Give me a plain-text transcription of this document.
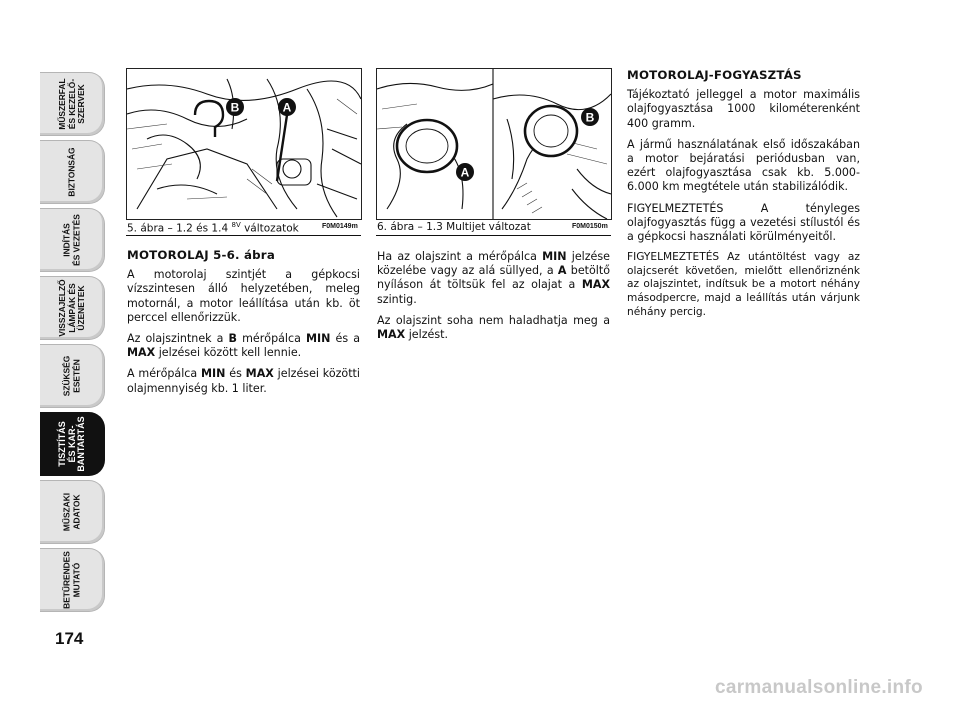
MŰSZERFAL
ÉS KEZELŐ-
SZERVEK
BIZTONSÁG
INDÍTÁS
ÉS VEZETÉS
VISSZAJELZŐ
LÁMPÁK ÉS
ÜZENETEK
SZÜKSÉG
ESETÉN
TISZTÍTÁS
ÉS KAR-
BANTARTÁS
MŰSZAKI
ADATOK
BETŰRENDES
MUTATÓ
174
B	A
5. ábra – 1.2 és 1.4 $^{8V}$ változatok	F0M0149m
A
B
6. ábra – 1.3 Multijet változat	F0M0150m
MOTOROLAJ 5-6. ábra

A motorolaj szintjét a gépkocsi vízszintesen álló helyzetében, meleg motornál, a motor leállítása után kb. öt perccel ellenőrizzük.

Az olajszintnek a B mérőpálca MIN és a MAX jelzései között kell lennie.

A mérőpálca MIN és MAX jelzései közötti olajmennyiség kb. 1 liter.

Ha az olajszint a mérőpálca MIN jelzése közelébe vagy az alá süllyed, a A betöltő nyíláson át töltsük fel az olajat a MAX szintig.

Az olajszint soha nem haladhatja meg a MAX jelzést.

MOTOROLAJ-FOGYASZTÁS

Tájékoztató jelleggel a motor maximális olajfogyasztása 1000 kilométerenként 400 gramm.

A jármű használatának első időszakában a motor bejáratási periódusban van, ezért olajfogyasztása csak kb. 5.000-6.000 km megtétele után stabilizálódik.

FIGYELMEZTETÉS A tényleges olajfogyasztás függ a vezetési stílustól és a gépkocsi használati körülményeitől.

FIGYELMEZTETÉS Az utántöltést vagy az olajcserét követően, mielőtt ellenőriznénk az olajszintet, indítsuk be a motort néhány másodpercre, majd a leállítás után várjunk néhány percig.

carmanualsonline.info
